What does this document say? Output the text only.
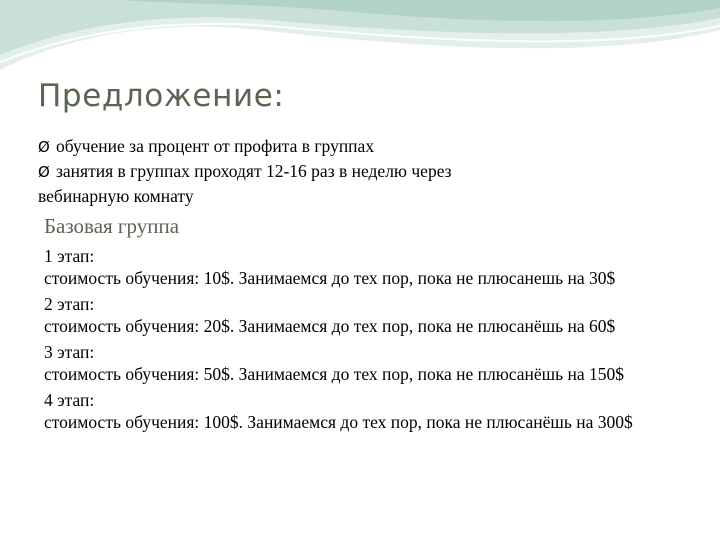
Предложение:
Ø обучение за процент от профита в группах
Ø занятия в группах проходят 12-16 раз в неделю через
вебинарную комнату
Базовая группа
1 этап:
стоимость обучения: 10$. Занимаемся до тех пор, пока не плюсанешь на 30$
2 этап:
стоимость обучения: 20$. Занимаемся до тех пор, пока не плюсанёшь на 60$
3 этап:
стоимость обучения: 50$. Занимаемся до тех пор, пока не плюсанёшь на 150$
4 этап:
стоимость обучения: 100$. Занимаемся до тех пор, пока не плюсанёшь на 300$
